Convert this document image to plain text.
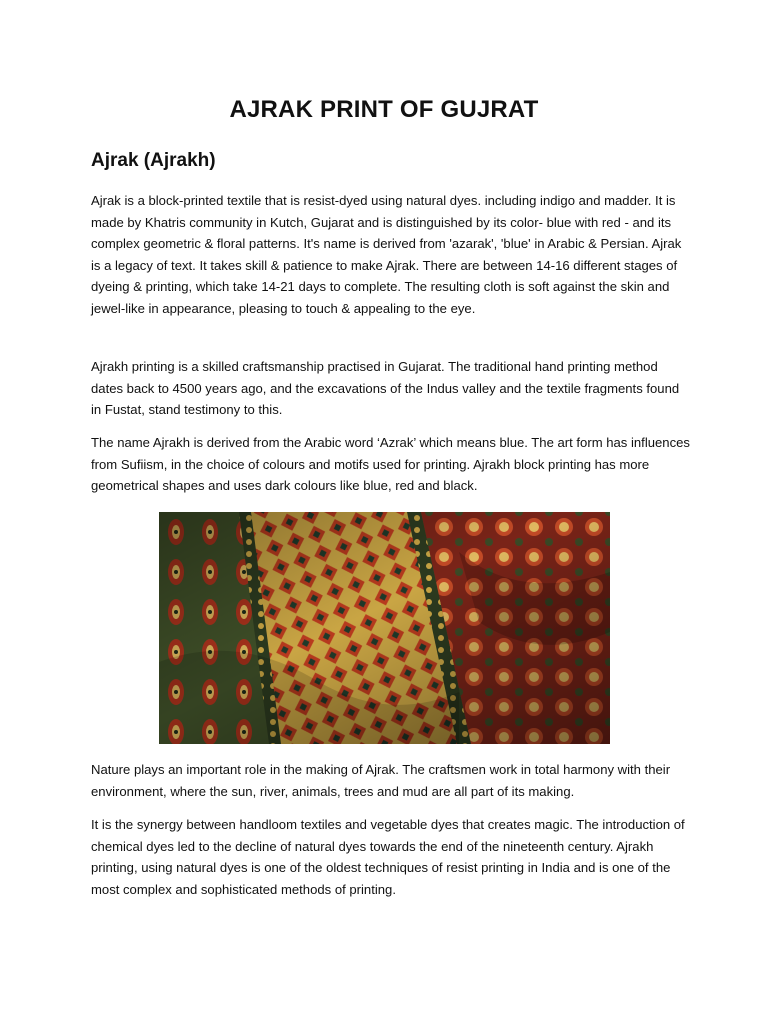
AJRAK PRINT OF GUJRAT
Ajrak (Ajrakh)

Ajrak is a block-printed textile that is resist-dyed using natural dyes. including indigo and madder. It is made by Khatris community in Kutch, Gujarat and is distinguished by its color- blue with red - and its complex geometric & floral patterns. It's name is derived from 'azarak', 'blue' in Arabic & Persian. Ajrak is a legacy of text. It takes skill & patience to make Ajrak. There are between 14-16 different stages of dyeing & printing, which take 14-21 days to complete. The resulting cloth is soft against the skin and jewel-like in appearance, pleasing to touch & appealing to the eye.

Ajrakh printing is a skilled craftsmanship practised in Gujarat. The traditional hand printing method dates back to 4500 years ago, and the excavations of the Indus valley and the textile fragments found in Fustat, stand testimony to this.

The name Ajrakh is derived from the Arabic word ‘Azrak’ which means blue. The art form has influences from Sufiism, in the choice of colours and motifs used for printing. Ajrakh block printing has more geometrical shapes and uses dark colours like blue, red and black.

Nature plays an important role in the making of Ajrak. The craftsmen work in total harmony with their environment, where the sun, river, animals, trees and mud are all part of its making.

It is the synergy between handloom textiles and vegetable dyes that creates magic. The introduction of chemical dyes led to the decline of natural dyes towards the end of the nineteenth century. Ajrakh printing, using natural dyes is one of the oldest techniques of resist printing in India and is one of the most complex and sophisticated methods of printing.
